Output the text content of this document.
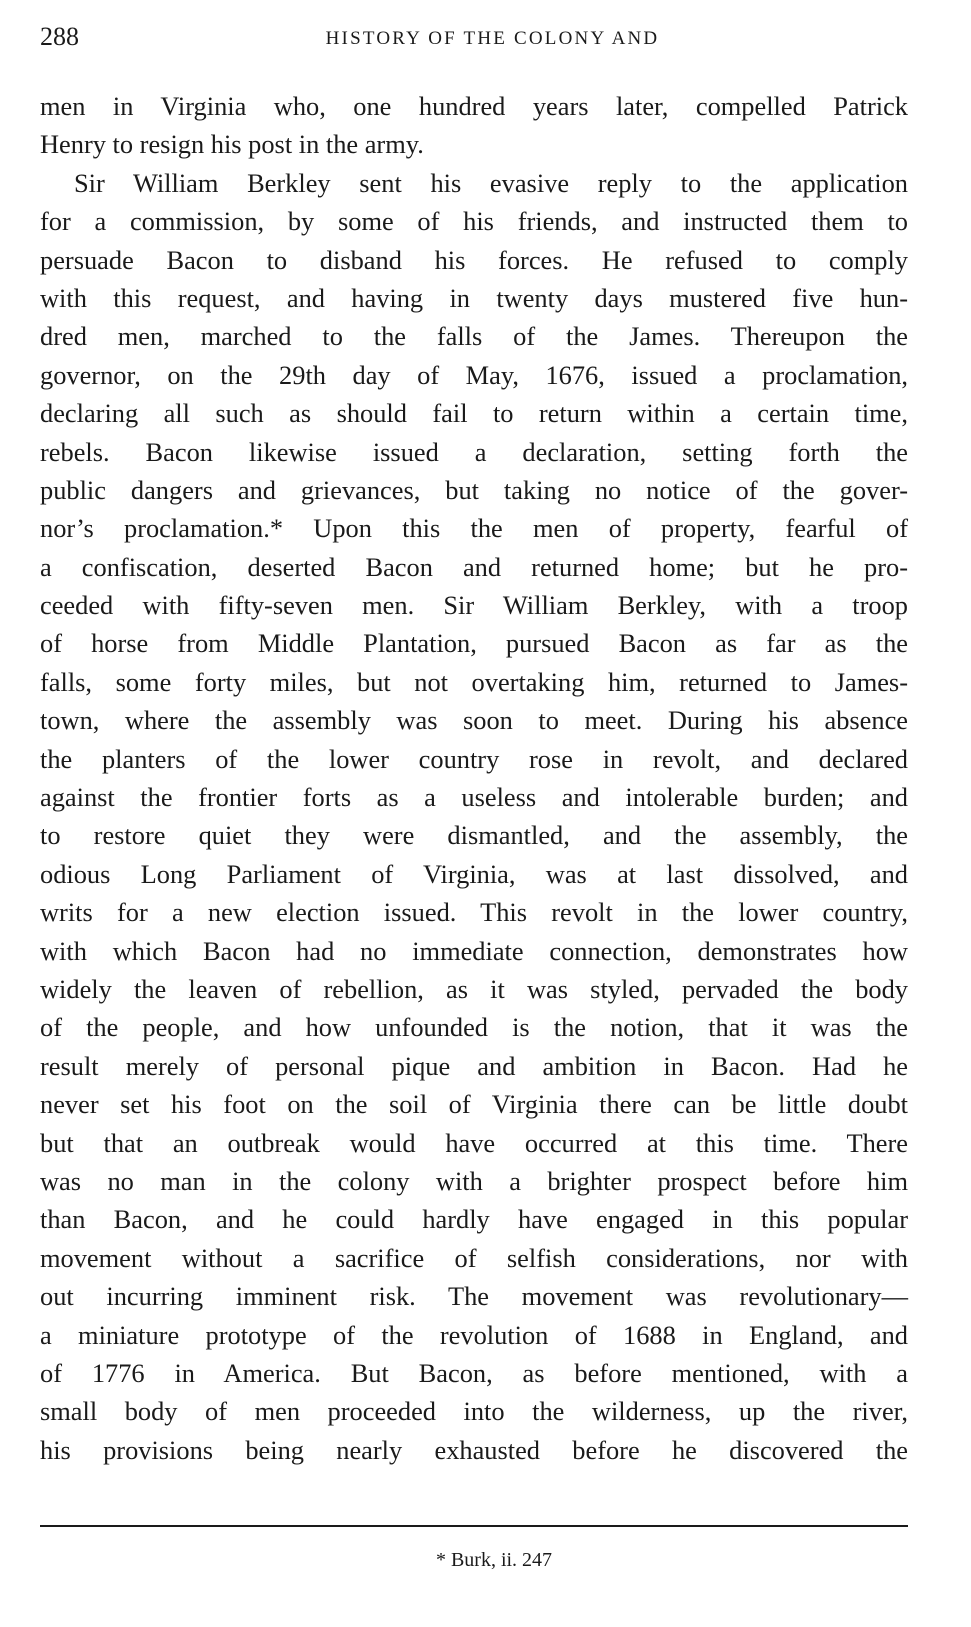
288	HISTORY OF THE COLONY AND
men in Virginia who, one hundred years later, compelled Patrick
Henry to resign his post in the army.
Sir William Berkley sent his evasive reply to the application
for a commission, by some of his friends, and instructed them to
persuade Bacon to disband his forces. He refused to comply
with this request, and having in twenty days mustered five hun-
dred men, marched to the falls of the James. Thereupon the
governor, on the 29th day of May, 1676, issued a proclamation,
declaring all such as should fail to return within a certain time,
rebels. Bacon likewise issued a declaration, setting forth the
public dangers and grievances, but taking no notice of the gover-
nor’s proclamation.* Upon this the men of property, fearful of
a confiscation, deserted Bacon and returned home; but he pro-
ceeded with fifty-seven men. Sir William Berkley, with a troop
of horse from Middle Plantation, pursued Bacon as far as the
falls, some forty miles, but not overtaking him, returned to James-
town, where the assembly was soon to meet. During his absence
the planters of the lower country rose in revolt, and declared
against the frontier forts as a useless and intolerable burden; and
to restore quiet they were dismantled, and the assembly, the
odious Long Parliament of Virginia, was at last dissolved, and
writs for a new election issued. This revolt in the lower country,
with which Bacon had no immediate connection, demonstrates how
widely the leaven of rebellion, as it was styled, pervaded the body
of the people, and how unfounded is the notion, that it was the
result merely of personal pique and ambition in Bacon. Had he
never set his foot on the soil of Virginia there can be little doubt
but that an outbreak would have occurred at this time. There
was no man in the colony with a brighter prospect before him
than Bacon, and he could hardly have engaged in this popular
movement without a sacrifice of selfish considerations, nor with
out incurring imminent risk. The movement was revolutionary—
a miniature prototype of the revolution of 1688 in England, and
of 1776 in America. But Bacon, as before mentioned, with a
small body of men proceeded into the wilderness, up the river,
his provisions being nearly exhausted before he discovered the
* Burk, ii. 247
